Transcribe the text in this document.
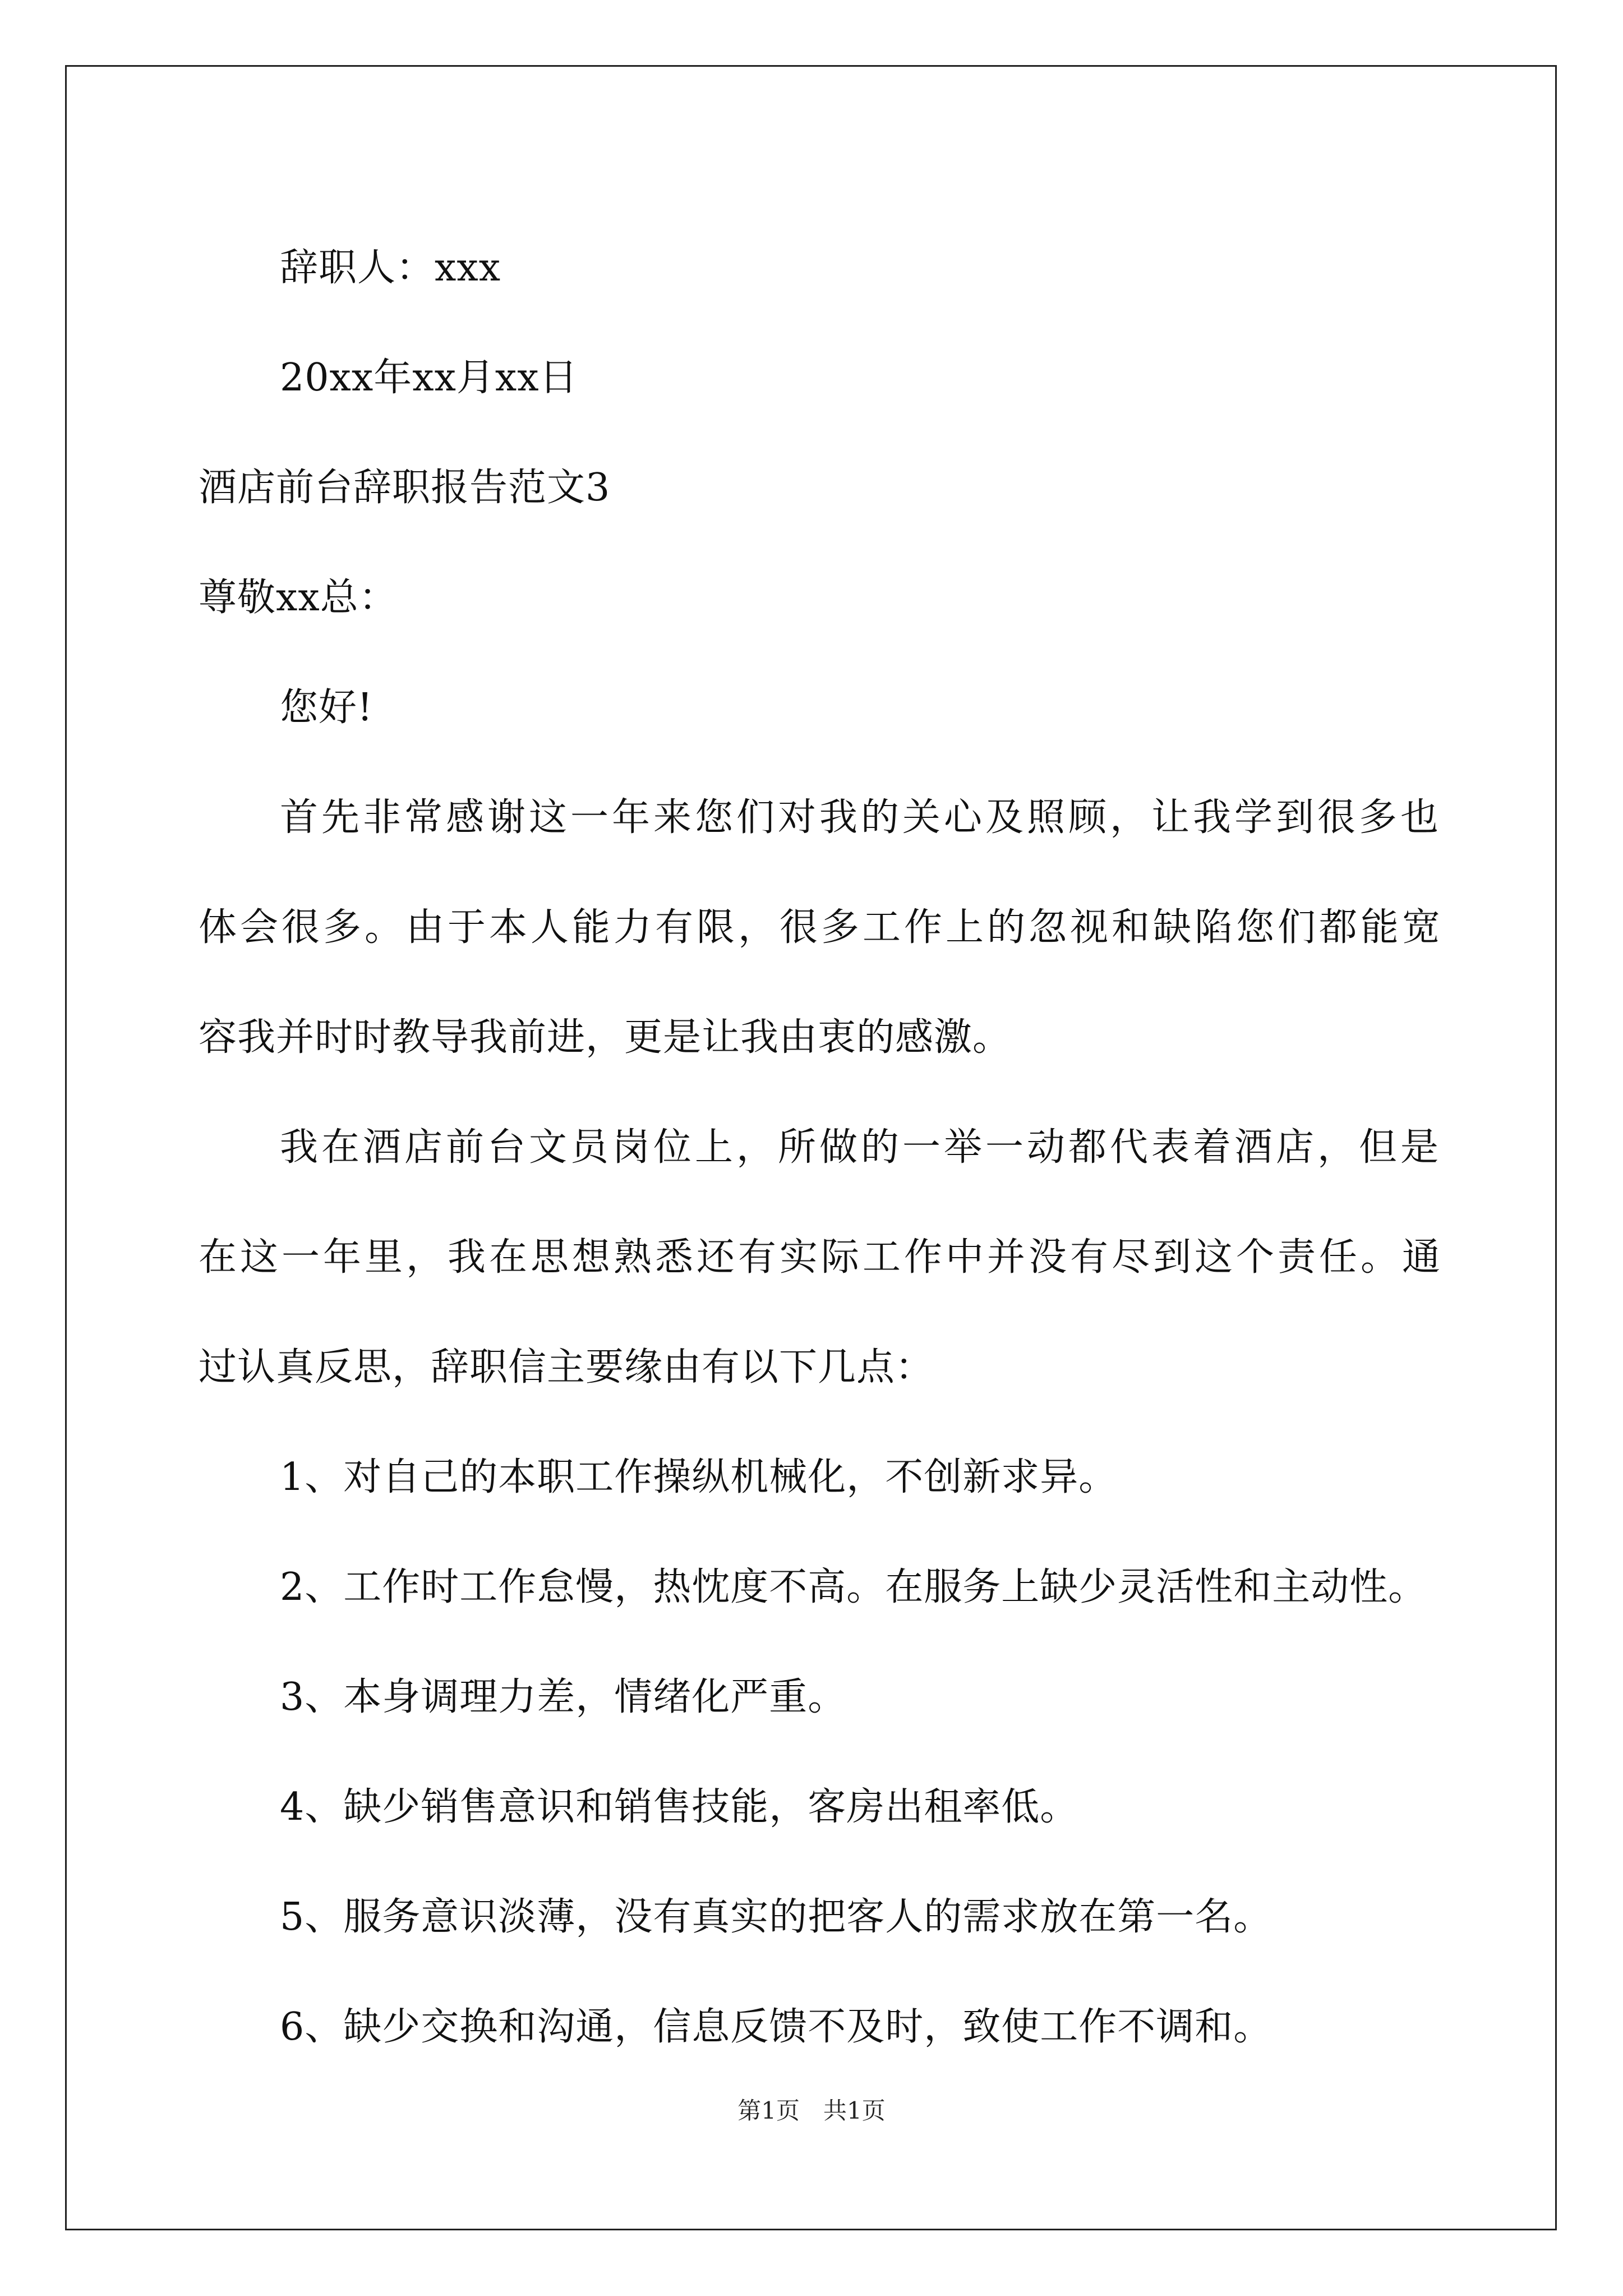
辞职人：xxx
20xx年xx月xx日
酒店前台辞职报告范文3
尊敬xx总：
您好!
首先非常感谢这一年来您们对我的关心及照顾，让我学到很多也
体会很多。由于本人能力有限，很多工作上的忽视和缺陷您们都能宽
容我并时时教导我前进，更是让我由衷的感激。
我在酒店前台文员岗位上，所做的一举一动都代表着酒店，但是
在这一年里，我在思想熟悉还有实际工作中并没有尽到这个责任。通
过认真反思，辞职信主要缘由有以下几点：
1、对自己的本职工作操纵机械化，不创新求异。
2、工作时工作怠慢，热忱度不高。在服务上缺少灵活性和主动性。
3、本身调理力差，情绪化严重。
4、缺少销售意识和销售技能，客房出租率低。
5、服务意识淡薄，没有真实的把客人的需求放在第一名。
6、缺少交换和沟通，信息反馈不及时，致使工作不调和。
第1页　共1页
